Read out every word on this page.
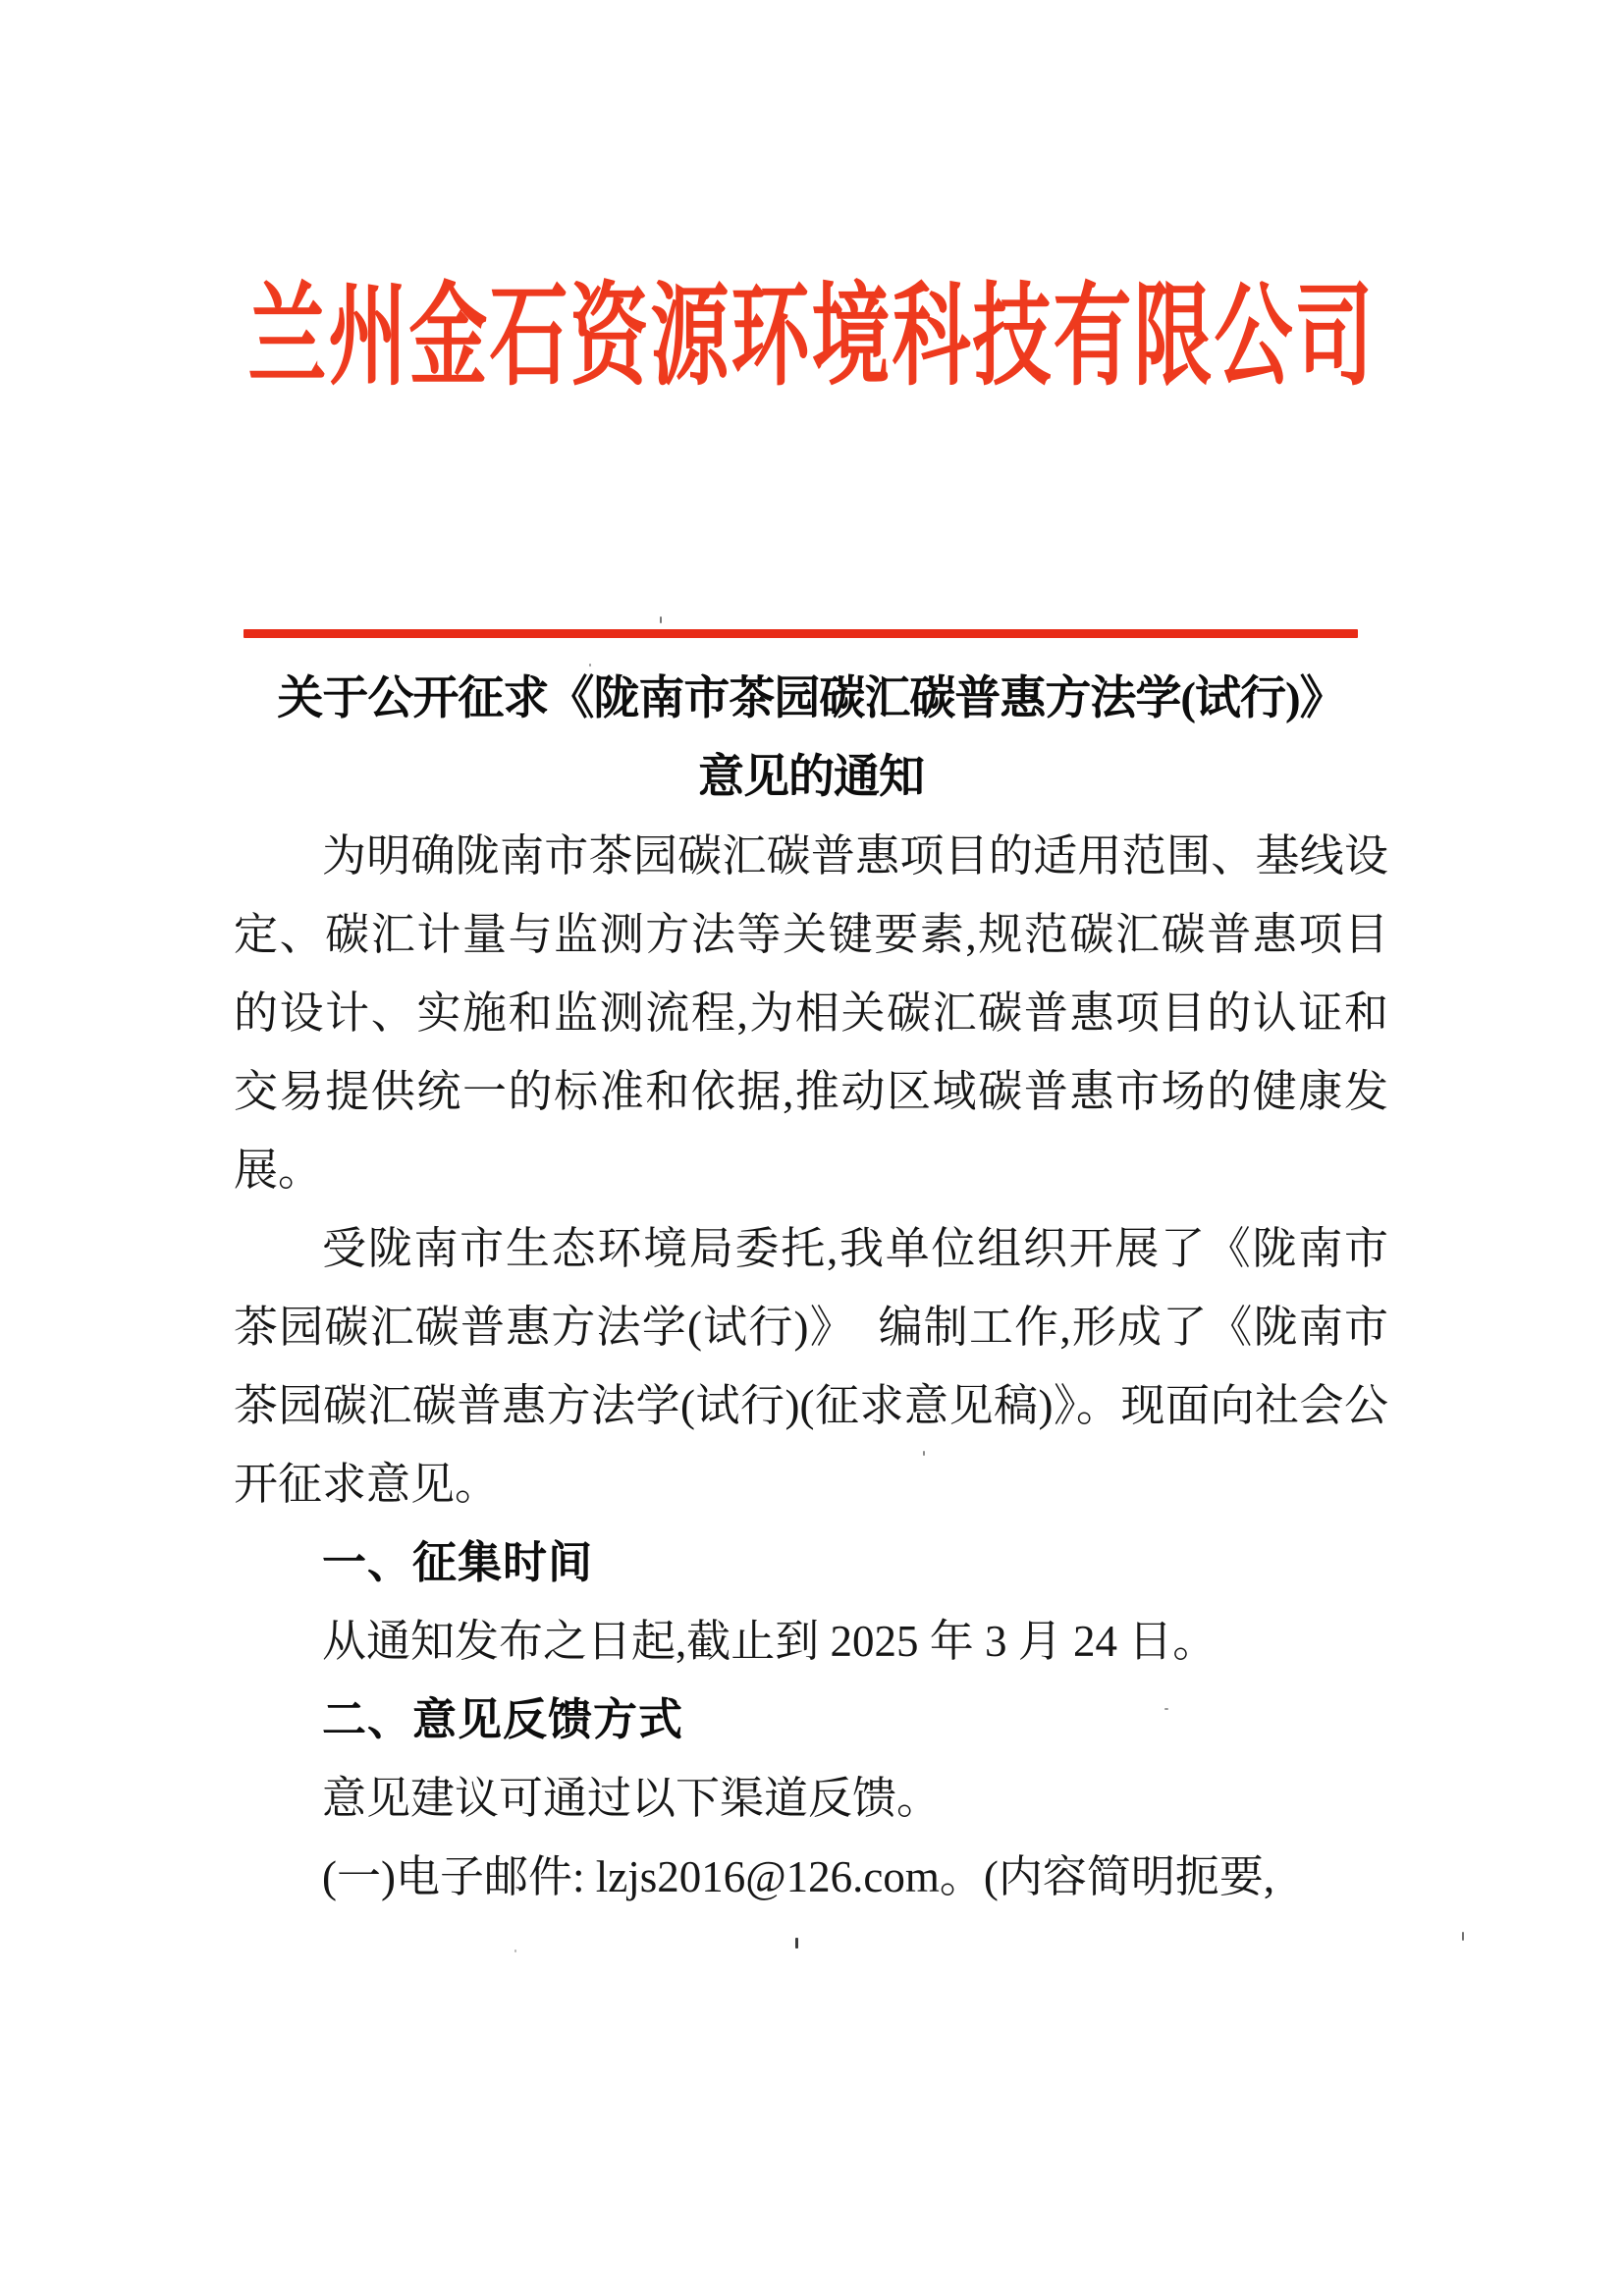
兰州金石资源环境科技有限公司
关于公开征求《陇南市茶园碳汇碳普惠方法学(试行)》
意见的通知

为明确陇南市茶园碳汇碳普惠项目的适用范围、基线设定、碳汇计量与监测方法等关键要素,规范碳汇碳普惠项目的设计、实施和监测流程,为相关碳汇碳普惠项目的认证和交易提供统一的标准和依据,推动区域碳普惠市场的健康发展。

受陇南市生态环境局委托,我单位组织开展了《陇南市茶园碳汇碳普惠方法学(试行)》　编制工作,形成了《陇南市茶园碳汇碳普惠方法学(试行)(征求意见稿)》。现面向社会公开征求意见。

一、征集时间

从通知发布之日起,截止到 2025 年 3 月 24 日。

二、意见反馈方式

意见建议可通过以下渠道反馈。

(一)电子邮件: lzjs2016@126.com。(内容简明扼要,
